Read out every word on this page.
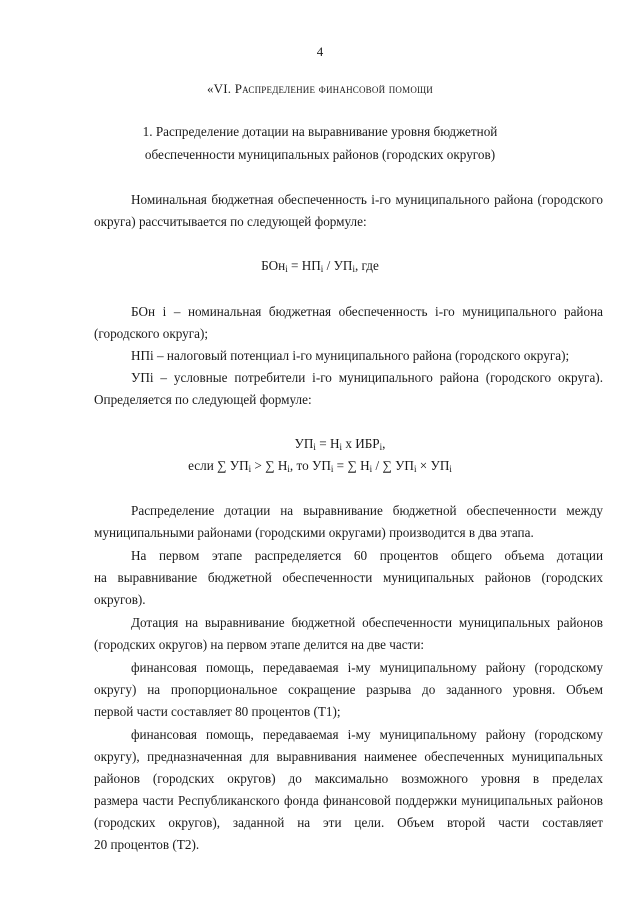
4
«VI. Распределение финансовой помощи
1. Распределение дотации на выравнивание уровня бюджетной
обеспеченности муниципальных районов (городских округов)
Номинальная бюджетная обеспеченность i-го муниципального района (городского
округа) рассчитывается по следующей формуле:
$БОн_i = НП_i / УП_i$, где
БОн i – номинальная бюджетная обеспеченность i-го муниципального района
(городского округа);
НПi – налоговый потенциал i-го муниципального района (городского округа);
УПi – условные потребители i-го муниципального района (городского округа).
Определяется по следующей формуле:
$УП_i = Н_i$ х $ИБР_i$,
если ∑ $УП_i$ > ∑ $Н_i$, то $УП_i$ = ∑ $Н_i$ / ∑ $УП_i \times УП_i$
Распределение дотации на выравнивание бюджетной обеспеченности между
муниципальными районами (городскими округами) производится в два этапа.
На первом этапе распределяется 60 процентов общего объема дотации
на выравнивание бюджетной обеспеченности муниципальных районов (городских
округов).
Дотация на выравнивание бюджетной обеспеченности муниципальных районов
(городских округов) на первом этапе делится на две части:
финансовая помощь, передаваемая i-му муниципальному району (городскому
округу) на пропорциональное сокращение разрыва до заданного уровня. Объем
первой части составляет 80 процентов (Т1);
финансовая помощь, передаваемая i-му муниципальному району (городскому
округу), предназначенная для выравнивания наименее обеспеченных муниципальных
районов (городских округов) до максимально возможного уровня в пределах
размера части Республиканского фонда финансовой поддержки муниципальных районов
(городских округов), заданной на эти цели. Объем второй части составляет
20 процентов (Т2).
